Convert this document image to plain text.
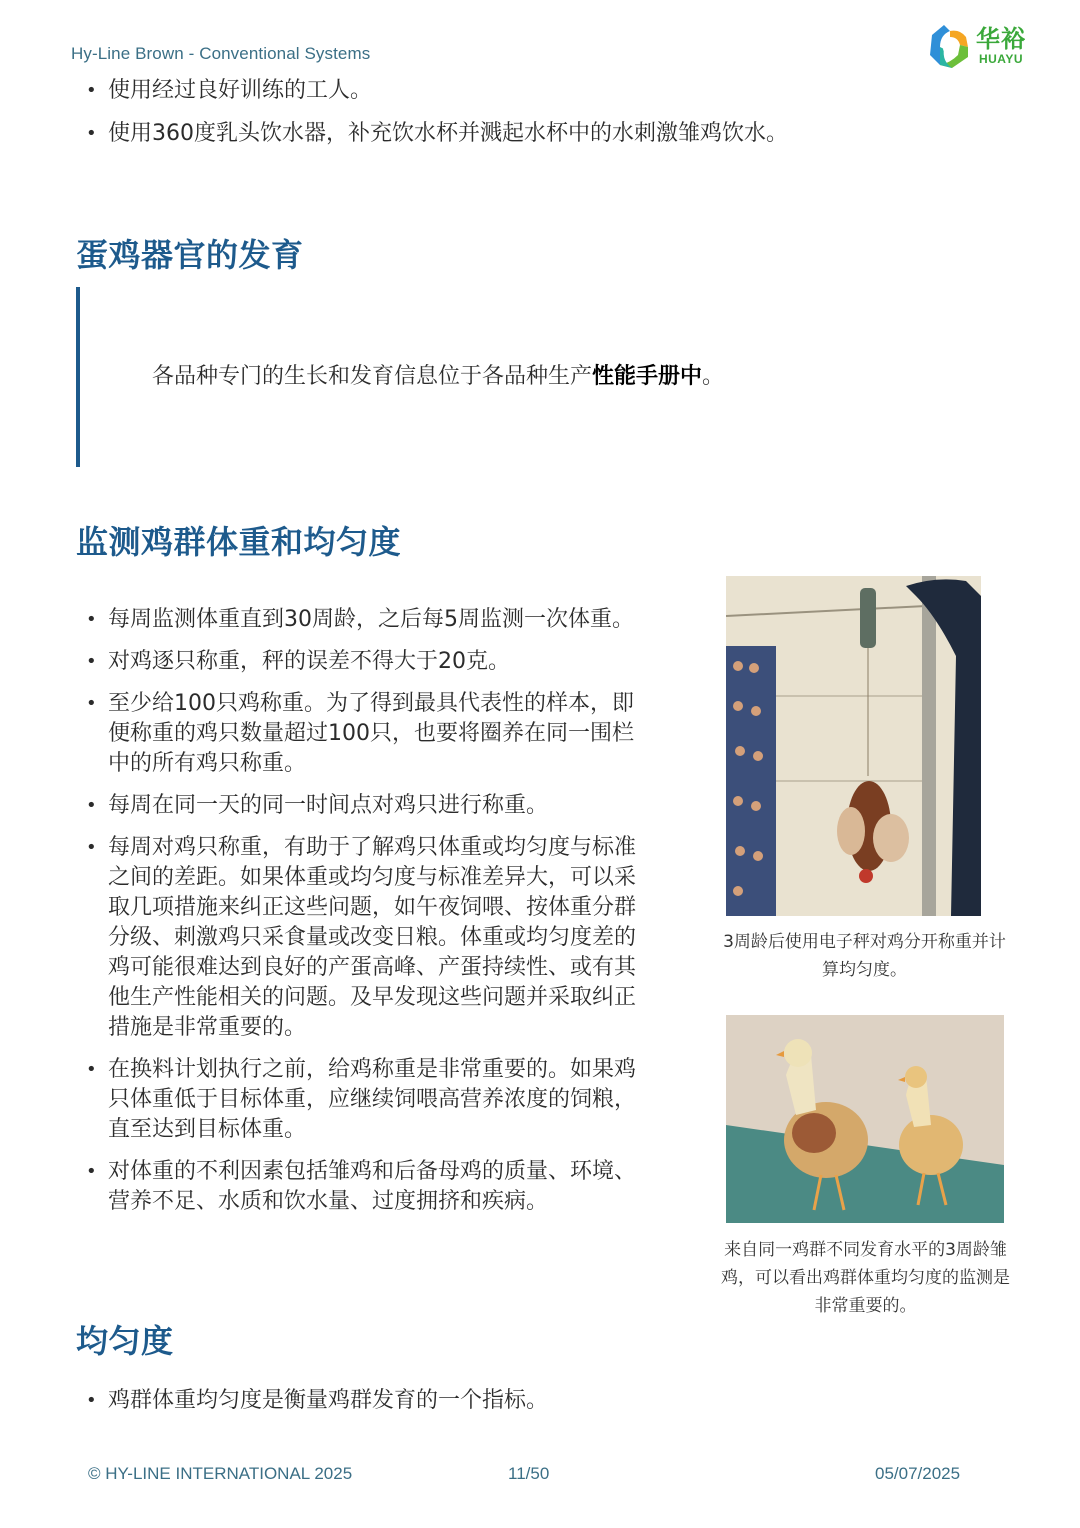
Hy-Line Brown - Conventional Systems
华裕
HUAYU
• 使用经过良好训练的工人。
• 使用360度乳头饮水器，补充饮水杯并溅起水杯中的水刺激雏鸡饮水。
蛋鸡器官的发育

各品种专门的生长和发育信息位于各品种生产性能手册中。

监测鸡群体重和均匀度
• 每周监测体重直到30周龄，之后每5周监测一次体重。
• 对鸡逐只称重，秤的误差不得大于20克。
• 至少给100只鸡称重。为了得到最具代表性的样本，即便称重的鸡只数量超过100只，也要将圈养在同一围栏中的所有鸡只称重。
• 每周在同一天的同一时间点对鸡只进行称重。
• 每周对鸡只称重，有助于了解鸡只体重或均匀度与标准之间的差距。如果体重或均匀度与标准差异大，可以采取几项措施来纠正这些问题，如午夜饲喂、按体重分群分级、刺激鸡只采食量或改变日粮。体重或均匀度差的鸡可能很难达到良好的产蛋高峰、产蛋持续性、或有其他生产性能相关的问题。及早发现这些问题并采取纠正措施是非常重要的。
• 在换料计划执行之前，给鸡称重是非常重要的。如果鸡只体重低于目标体重，应继续饲喂高营养浓度的饲粮，直至达到目标体重。
• 对体重的不利因素包括雏鸡和后备母鸡的质量、环境、营养不足、水质和饮水量、过度拥挤和疾病。

3周龄后使用电子秤对鸡分开称重并计算均匀度。

来自同一鸡群不同发育水平的3周龄雏鸡，可以看出鸡群体重均匀度的监测是非常重要的。

均匀度
• 鸡群体重均匀度是衡量鸡群发育的一个指标。
© HY-LINE INTERNATIONAL 2025	11/50	05/07/2025
